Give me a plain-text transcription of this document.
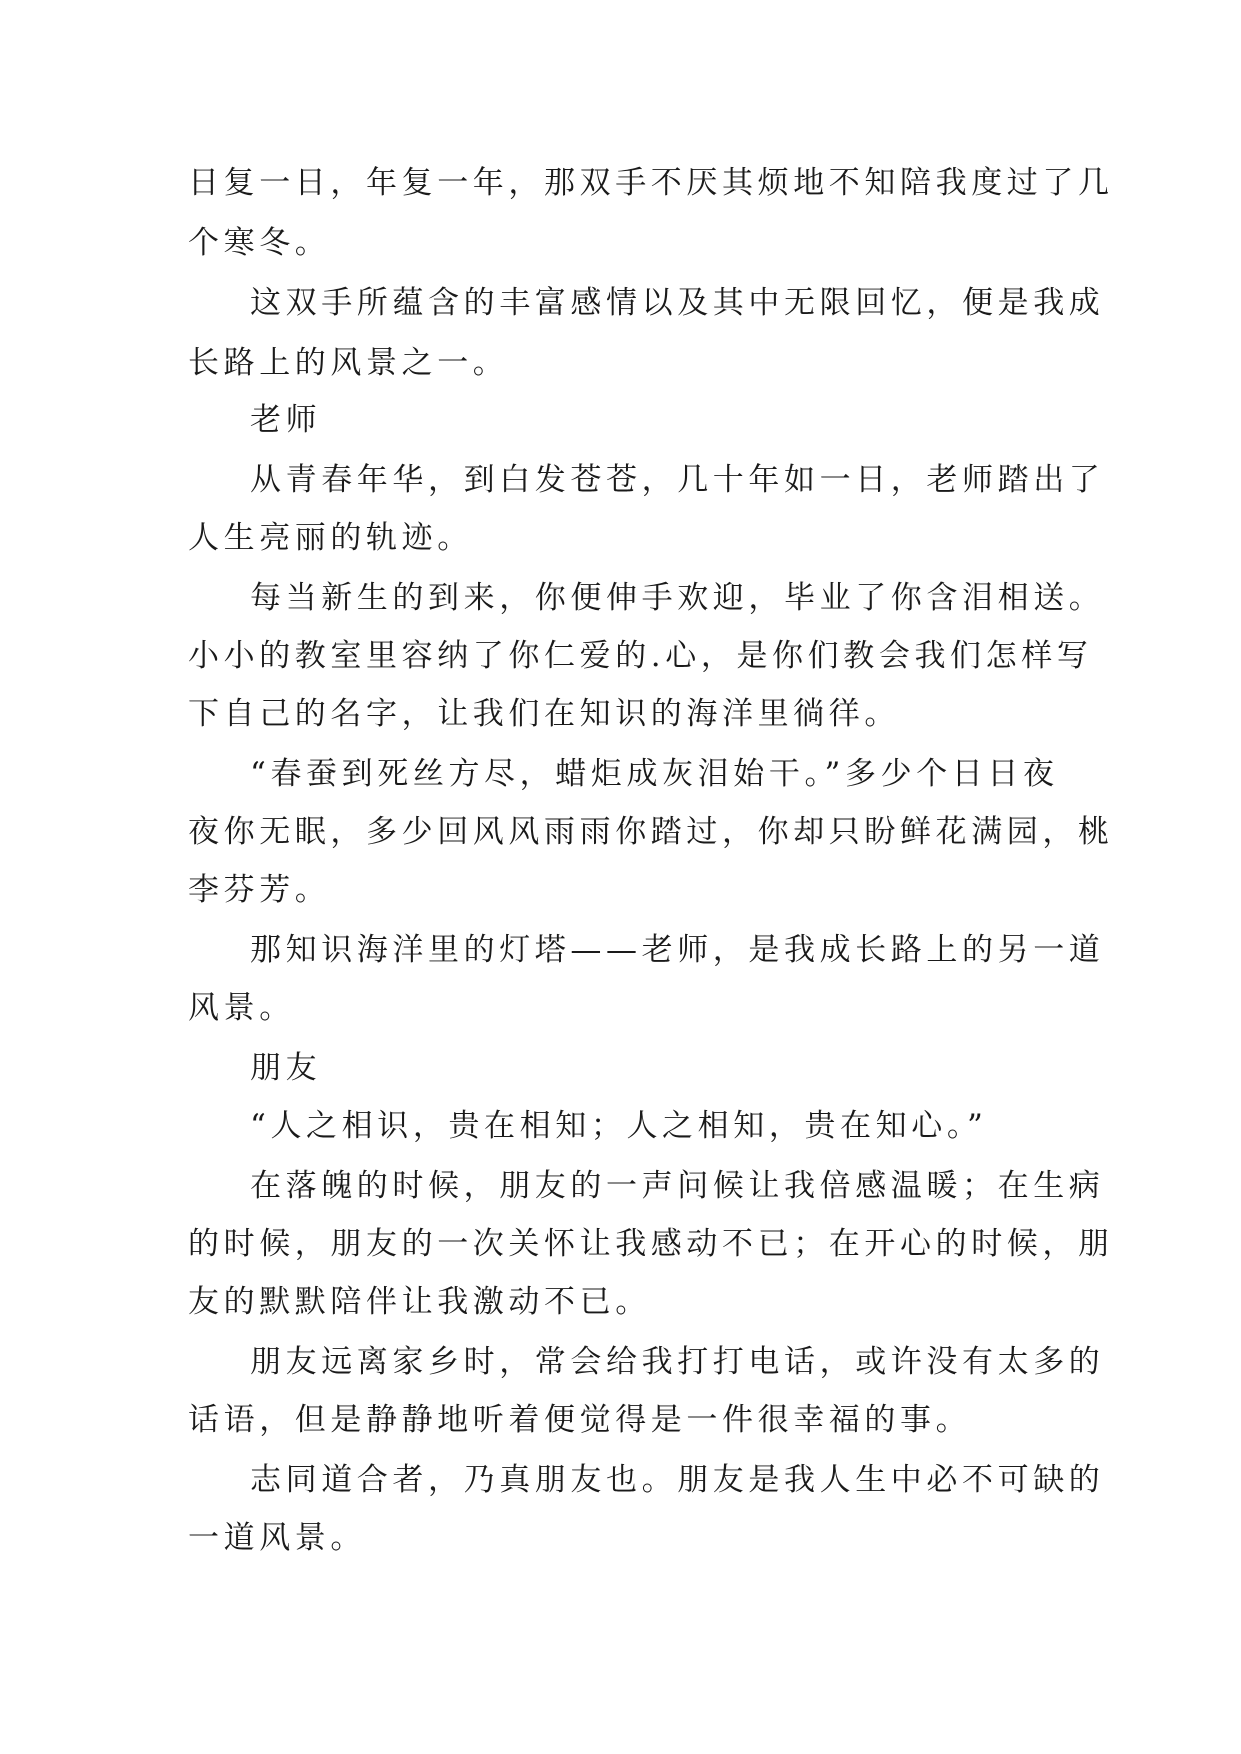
日复一日，年复一年，那双手不厌其烦地不知陪我度过了几
个寒冬。
这双手所蕴含的丰富感情以及其中无限回忆，便是我成
长路上的风景之一。
老师
从青春年华，到白发苍苍，几十年如一日，老师踏出了
人生亮丽的轨迹。
每当新生的到来，你便伸手欢迎，毕业了你含泪相送。
小小的教室里容纳了你仁爱的.心，是你们教会我们怎样写
下自己的名字，让我们在知识的海洋里徜徉。
“春蚕到死丝方尽，蜡炬成灰泪始干。”多少个日日夜
夜你无眠，多少回风风雨雨你踏过，你却只盼鲜花满园，桃
李芬芳。
那知识海洋里的灯塔——老师，是我成长路上的另一道
风景。
朋友
“人之相识，贵在相知；人之相知，贵在知心。”
在落魄的时候，朋友的一声问候让我倍感温暖；在生病
的时候，朋友的一次关怀让我感动不已；在开心的时候，朋
友的默默陪伴让我激动不已。
朋友远离家乡时，常会给我打打电话，或许没有太多的
话语，但是静静地听着便觉得是一件很幸福的事。
志同道合者，乃真朋友也。朋友是我人生中必不可缺的
一道风景。
